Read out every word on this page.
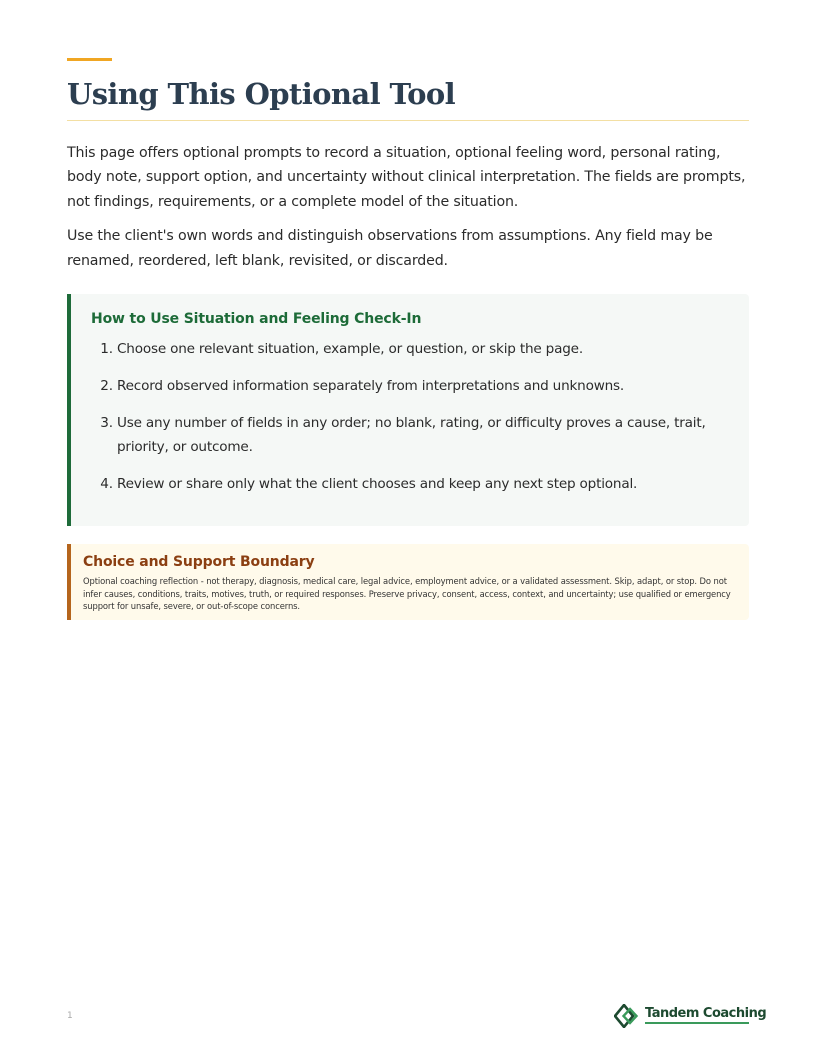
Using This Optional Tool

This page offers optional prompts to record a situation, optional feeling word, personal rating, body note, support option, and uncertainty without clinical interpretation. The fields are prompts, not findings, requirements, or a complete model of the situation.

Use the client's own words and distinguish observations from assumptions. Any field may be renamed, reordered, left blank, revisited, or discarded.

How to Use Situation and Feeling Check-In
1. Choose one relevant situation, example, or question, or skip the page.
2. Record observed information separately from interpretations and unknowns.
3. Use any number of fields in any order; no blank, rating, or difficulty proves a cause, trait, priority, or outcome.
4. Review or share only what the client chooses and keep any next step optional.
Choice and Support Boundary

Optional coaching reflection - not therapy, diagnosis, medical care, legal advice, employment advice, or a validated assessment. Skip, adapt, or stop. Do not infer causes, conditions, traits, motives, truth, or required responses. Preserve privacy, consent, access, context, and uncertainty; use qualified or emergency support for unsafe, severe, or out-of-scope concerns.

1	Tandem Coaching
